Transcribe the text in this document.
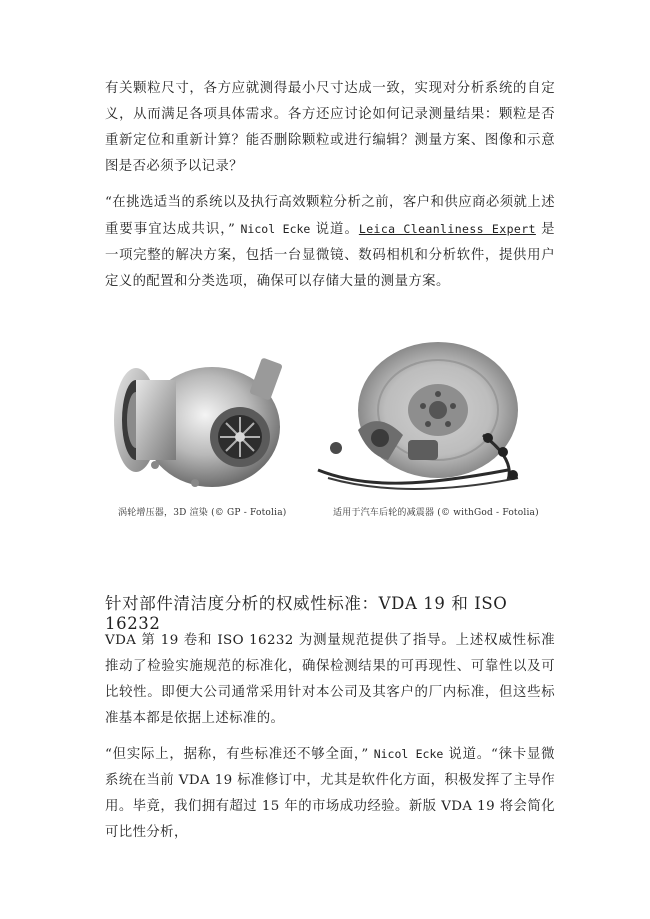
有关颗粒尺寸，各方应就测得最小尺寸达成一致，实现对分析系统的自定义，从而满足各项具体需求。各方还应讨论如何记录测量结果：颗粒是否重新定位和重新计算？能否删除颗粒或进行编辑？测量方案、图像和示意图是否必须予以记录？

“在挑选适当的系统以及执行高效颗粒分析之前，客户和供应商必须就上述重要事宜达成共识，” Nicol Ecke 说道。Leica Cleanliness Expert 是一项完整的解决方案，包括一台显微镜、数码相机和分析软件，提供用户定义的配置和分类选项，确保可以存储大量的测量方案。

涡轮增压器，3D 渲染 (© GP - Fotolia)	适用于汽车后轮的减震器 (© withGod - Fotolia)
针对部件清洁度分析的权威性标准：VDA 19 和 ISO 16232

VDA 第 19 卷和 ISO 16232 为测量规范提供了指导。上述权威性标准推动了检验实施规范的标准化，确保检测结果的可再现性、可靠性以及可比较性。即便大公司通常采用针对本公司及其客户的厂内标准，但这些标准基本都是依据上述标准的。

“但实际上，据称，有些标准还不够全面，” Nicol Ecke 说道。“徕卡显微系统在当前 VDA 19 标准修订中，尤其是软件化方面，积极发挥了主导作用。毕竟，我们拥有超过 15 年的市场成功经验。新版 VDA 19 将会简化可比性分析，
